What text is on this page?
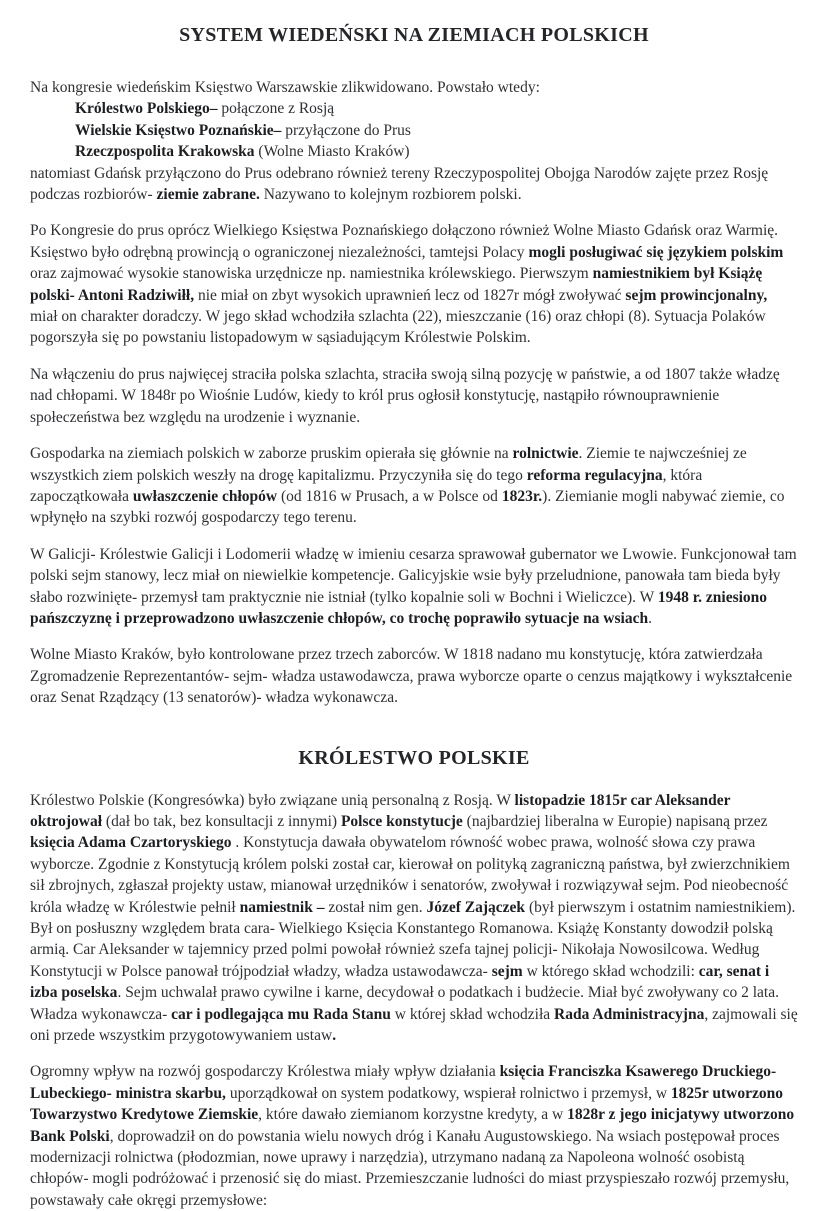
SYSTEM WIEDEŃSKI NA ZIEMIACH POLSKICH

Na kongresie wiedeńskim Księstwo Warszawskie zlikwidowano. Powstało wtedy:

Królestwo Polskiego– połączone z Rosją

Wielskie Księstwo Poznańskie– przyłączone do Prus

Rzeczpospolita Krakowska (Wolne Miasto Kraków)

natomiast Gdańsk przyłączono do Prus odebrano również tereny Rzeczypospolitej Obojga Narodów zajęte przez Rosję podczas rozbiorów- ziemie zabrane. Nazywano to kolejnym rozbiorem polski.

Po Kongresie do prus oprócz Wielkiego Księstwa Poznańskiego dołączono również Wolne Miasto Gdańsk oraz Warmię. Księstwo było odrębną prowincją o ograniczonej niezależności, tamtejsi Polacy mogli posługiwać się językiem polskim oraz zajmować wysokie stanowiska urzędnicze np. namiestnika królewskiego. Pierwszym namiestnikiem był Książę polski- Antoni Radziwiłł, nie miał on zbyt wysokich uprawnień lecz od 1827r mógł zwoływać sejm prowincjonalny, miał on charakter doradczy. W jego skład wchodziła szlachta (22), mieszczanie (16) oraz chłopi (8). Sytuacja Polaków pogorszyła się po powstaniu listopadowym w sąsiadującym Królestwie Polskim.

Na włączeniu do prus najwięcej straciła polska szlachta, straciła swoją silną pozycję w państwie, a od 1807 także władzę nad chłopami. W 1848r po Wiośnie Ludów, kiedy to król prus ogłosił konstytucję, nastąpiło równouprawnienie społeczeństwa bez względu na urodzenie i wyznanie.

Gospodarka na ziemiach polskich w zaborze pruskim opierała się głównie na rolnictwie. Ziemie te najwcześniej ze wszystkich ziem polskich weszły na drogę kapitalizmu. Przyczyniła się do tego reforma regulacyjna, która zapoczątkowała uwłaszczenie chłopów (od 1816 w Prusach, a w Polsce od 1823r.). Ziemianie mogli nabywać ziemie, co wpłynęło na szybki rozwój gospodarczy tego terenu.

W Galicji- Królestwie Galicji i Lodomerii władzę w imieniu cesarza sprawował gubernator we Lwowie. Funkcjonował tam polski sejm stanowy, lecz miał on niewielkie kompetencje. Galicyjskie wsie były przeludnione, panowała tam bieda były słabo rozwinięte- przemysł tam praktycznie nie istniał (tylko kopalnie soli w Bochni i Wieliczce). W 1948 r. zniesiono pańszczyznę i przeprowadzono uwłaszczenie chłopów, co trochę poprawiło sytuacje na wsiach.

Wolne Miasto Kraków, było kontrolowane przez trzech zaborców. W 1818 nadano mu konstytucję, która zatwierdzała Zgromadzenie Reprezentantów- sejm- władza ustawodawcza, prawa wyborcze oparte o cenzus majątkowy i wykształcenie oraz Senat Rządzący (13 senatorów)- władza wykonawcza.

KRÓLESTWO POLSKIE

Królestwo Polskie (Kongresówka) było związane unią personalną z Rosją. W listopadzie 1815r car Aleksander oktrojował (dał bo tak, bez konsultacji z innymi) Polsce konstytucje (najbardziej liberalna w Europie) napisaną przez księcia Adama Czartoryskiego . Konstytucja dawała obywatelom równość wobec prawa, wolność słowa czy prawa wyborcze. Zgodnie z Konstytucją królem polski został car, kierował on polityką zagraniczną państwa, był zwierzchnikiem sił zbrojnych, zgłaszał projekty ustaw, mianował urzędników i senatorów, zwoływał i rozwiązywał sejm. Pod nieobecność króla władzę w Królestwie pełnił namiestnik – został nim gen. Józef Zajączek (był pierwszym i ostatnim namiestnikiem). Był on posłuszny względem brata cara- Wielkiego Księcia Konstantego Romanowa. Książę Konstanty dowodził polską armią. Car Aleksander w tajemnicy przed polmi powołał również szefa tajnej policji- Nikołaja Nowosilcowa. Według Konstytucji w Polsce panował trójpodział władzy, władza ustawodawcza- sejm w którego skład wchodzili: car, senat i izba poselska. Sejm uchwalał prawo cywilne i karne, decydował o podatkach i budżecie. Miał być zwoływany co 2 lata. Władza wykonawcza- car i podlegająca mu Rada Stanu w której skład wchodziła Rada Administracyjna, zajmowali się oni przede wszystkim przygotowywaniem ustaw.

Ogromny wpływ na rozwój gospodarczy Królestwa miały wpływ działania księcia Franciszka Ksawerego Druckiego-Lubeckiego- ministra skarbu, uporządkował on system podatkowy, wspierał rolnictwo i przemysł, w 1825r utworzono Towarzystwo Kredytowe Ziemskie, które dawało ziemianom korzystne kredyty, a w 1828r z jego inicjatywy utworzono Bank Polski, doprowadził on do powstania wielu nowych dróg i Kanału Augustowskiego. Na wsiach postępował proces modernizacji rolnictwa (płodozmian, nowe uprawy i narzędzia), utrzymano nadaną za Napoleona wolność osobistą chłopów- mogli podróżować i przenosić się do miast. Przemieszczanie ludności do miast przyspieszało rozwój przemysłu, powstawały całe okręgi przemysłowe:
